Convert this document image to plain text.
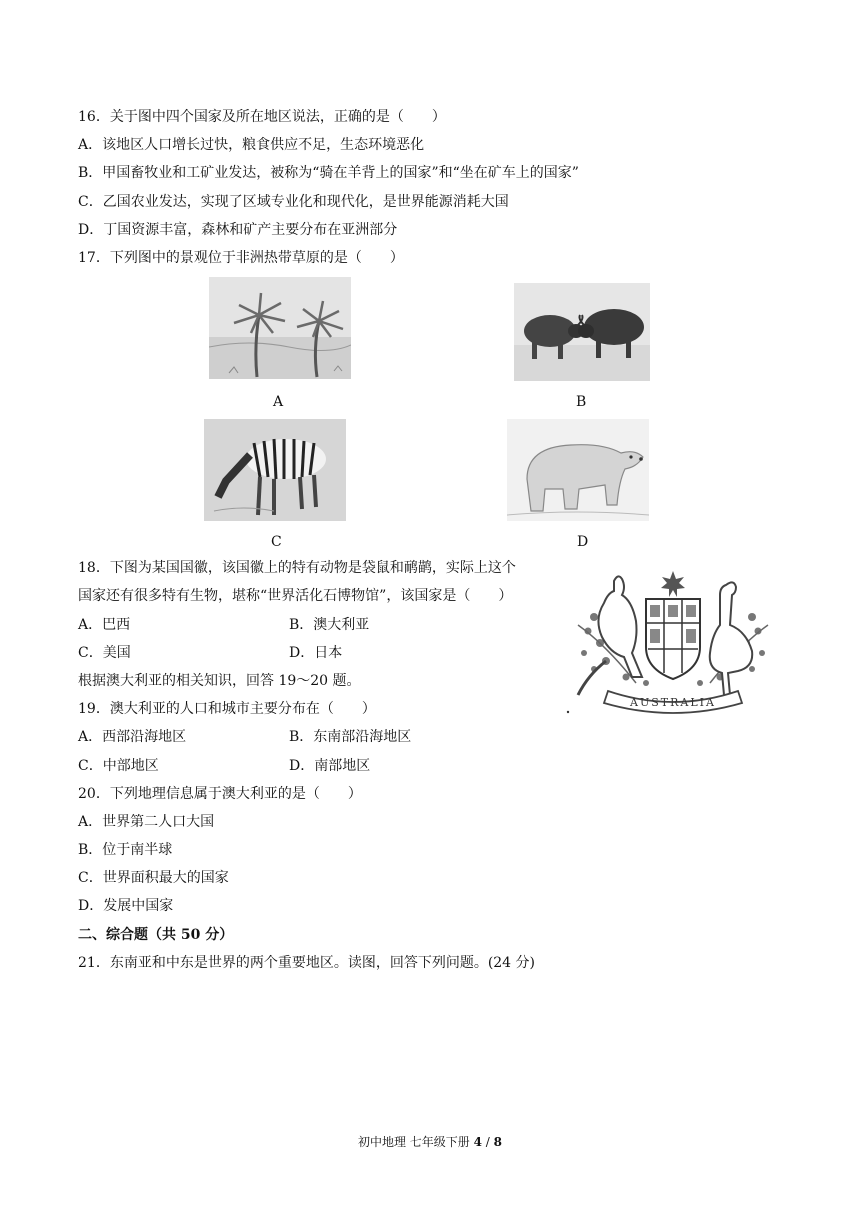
16．关于图中四个国家及所在地区说法，正确的是（　　）
A．该地区人口增长过快，粮食供应不足，生态环境恶化
B．甲国畜牧业和工矿业发达，被称为“骑在羊背上的国家”和“坐在矿车上的国家”
C．乙国农业发达，实现了区域专业化和现代化，是世界能源消耗大国
D．丁国资源丰富，森林和矿产主要分布在亚洲部分
17．下列图中的景观位于非洲热带草原的是（　　）
A	B
C	D
18．下图为某国国徽，该国徽上的特有动物是袋鼠和鸸鹋，实际上这个
国家还有很多特有生物，堪称“世界活化石博物馆”，该国家是（　　）
A．巴西	B．澳大利亚
C．美国	D．日本
AUSTRALIA
根据澳大利亚的相关知识，回答 19～20 题。
19．澳大利亚的人口和城市主要分布在（　　）
A．西部沿海地区	B．东南部沿海地区
C．中部地区	D．南部地区
20．下列地理信息属于澳大利亚的是（　　）
A．世界第二人口大国
B．位于南半球
C．世界面积最大的国家
D．发展中国家
二、综合题（共 50 分）
21．东南亚和中东是世界的两个重要地区。读图，回答下列问题。(24 分)
初中地理 七年级下册 4 / 8
